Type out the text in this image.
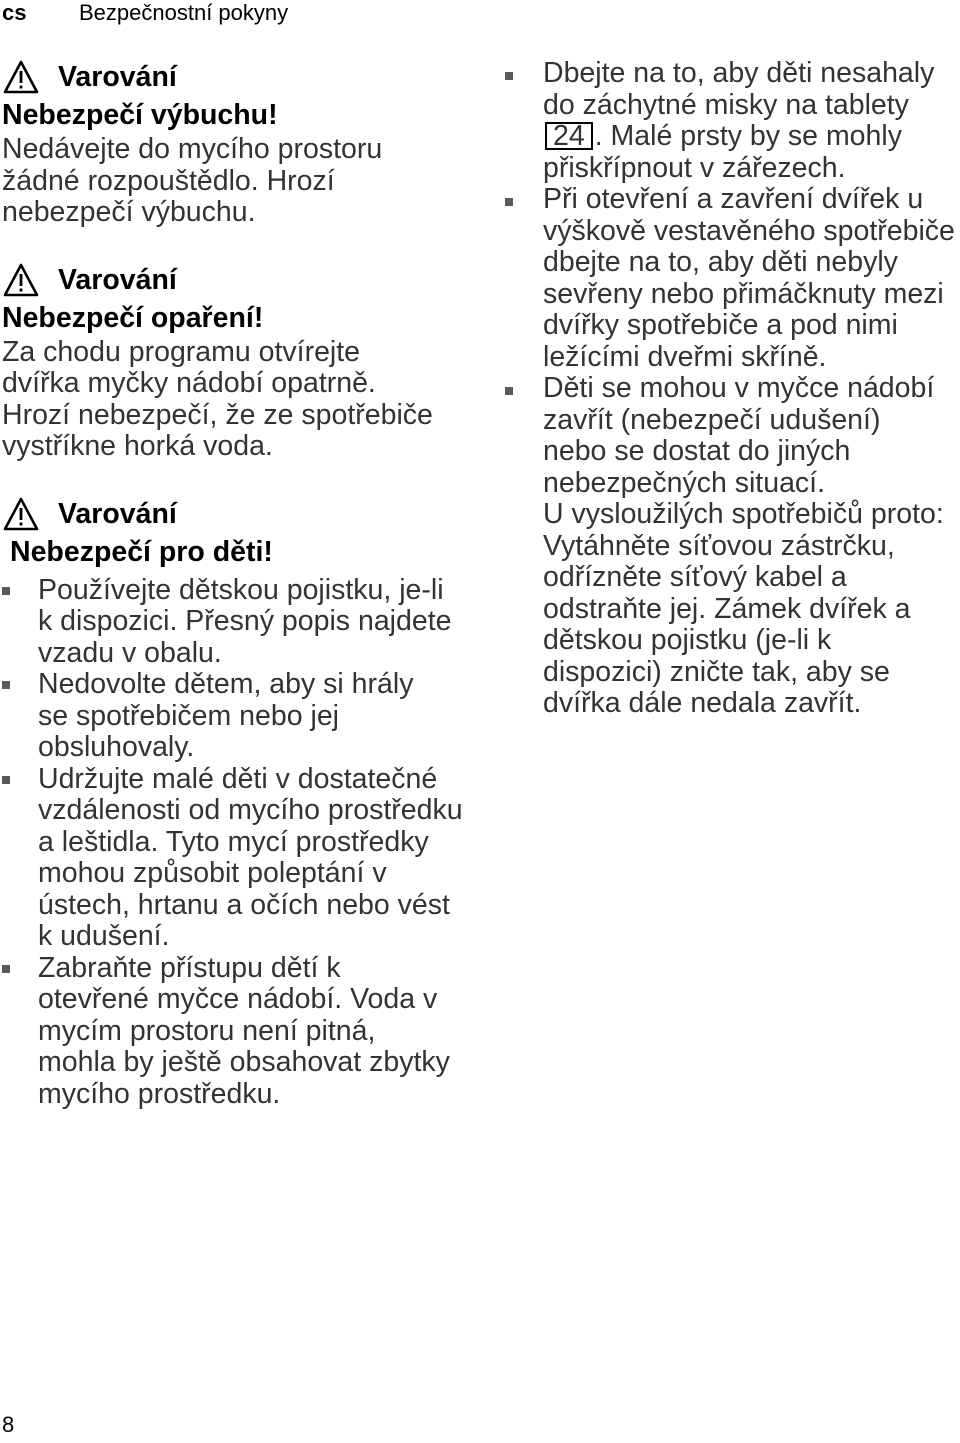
cs Bezpečnostní pokyny
Varování
Nebezpečí výbuchu!
Nedávejte do mycího prostoru žádné rozpouštědlo. Hrozí nebezpečí výbuchu.
Varování
Nebezpečí opaření!
Za chodu programu otvírejte dvířka myčky nádobí opatrně. Hrozí nebezpečí, že ze spotřebiče vystříkne horká voda.
Varování
Nebezpečí pro děti!
Používejte dětskou pojistku, je-li k dispozici. Přesný popis najdete vzadu v obalu.
Nedovolte dětem, aby si hrály se spotřebičem nebo jej obsluhovaly.
Udržujte malé děti v dostatečné vzdálenosti od mycího prostředku a leštidla. Tyto mycí prostředky mohou způsobit poleptání v ústech, hrtanu a očích nebo vést k udušení.
Zabraňte přístupu dětí k otevřené myčce nádobí. Voda v mycím prostoru není pitná, mohla by ještě obsahovat zbytky mycího prostředku.
Dbejte na to, aby děti nesahaly do záchytné misky na tablety 24 . Malé prsty by se mohly přiskřípnout v zářezech.
Při otevření a zavření dvířek u výškově vestavěného spotřebiče dbejte na to, aby děti nebyly sevřeny nebo přimáčknuty mezi dvířky spotřebiče a pod nimi ležícími dveřmi skříně.
Děti se mohou v myčce nádobí zavřít (nebezpečí udušení) nebo se dostat do jiných nebezpečných situací.
U vysloužilých spotřebičů proto: Vytáhněte síťovou zástrčku, odřízněte síťový kabel a odstraňte jej. Zámek dvířek a dětskou pojistku (je-li k dispozici) zničte tak, aby se dvířka dále nedala zavřít.
8
